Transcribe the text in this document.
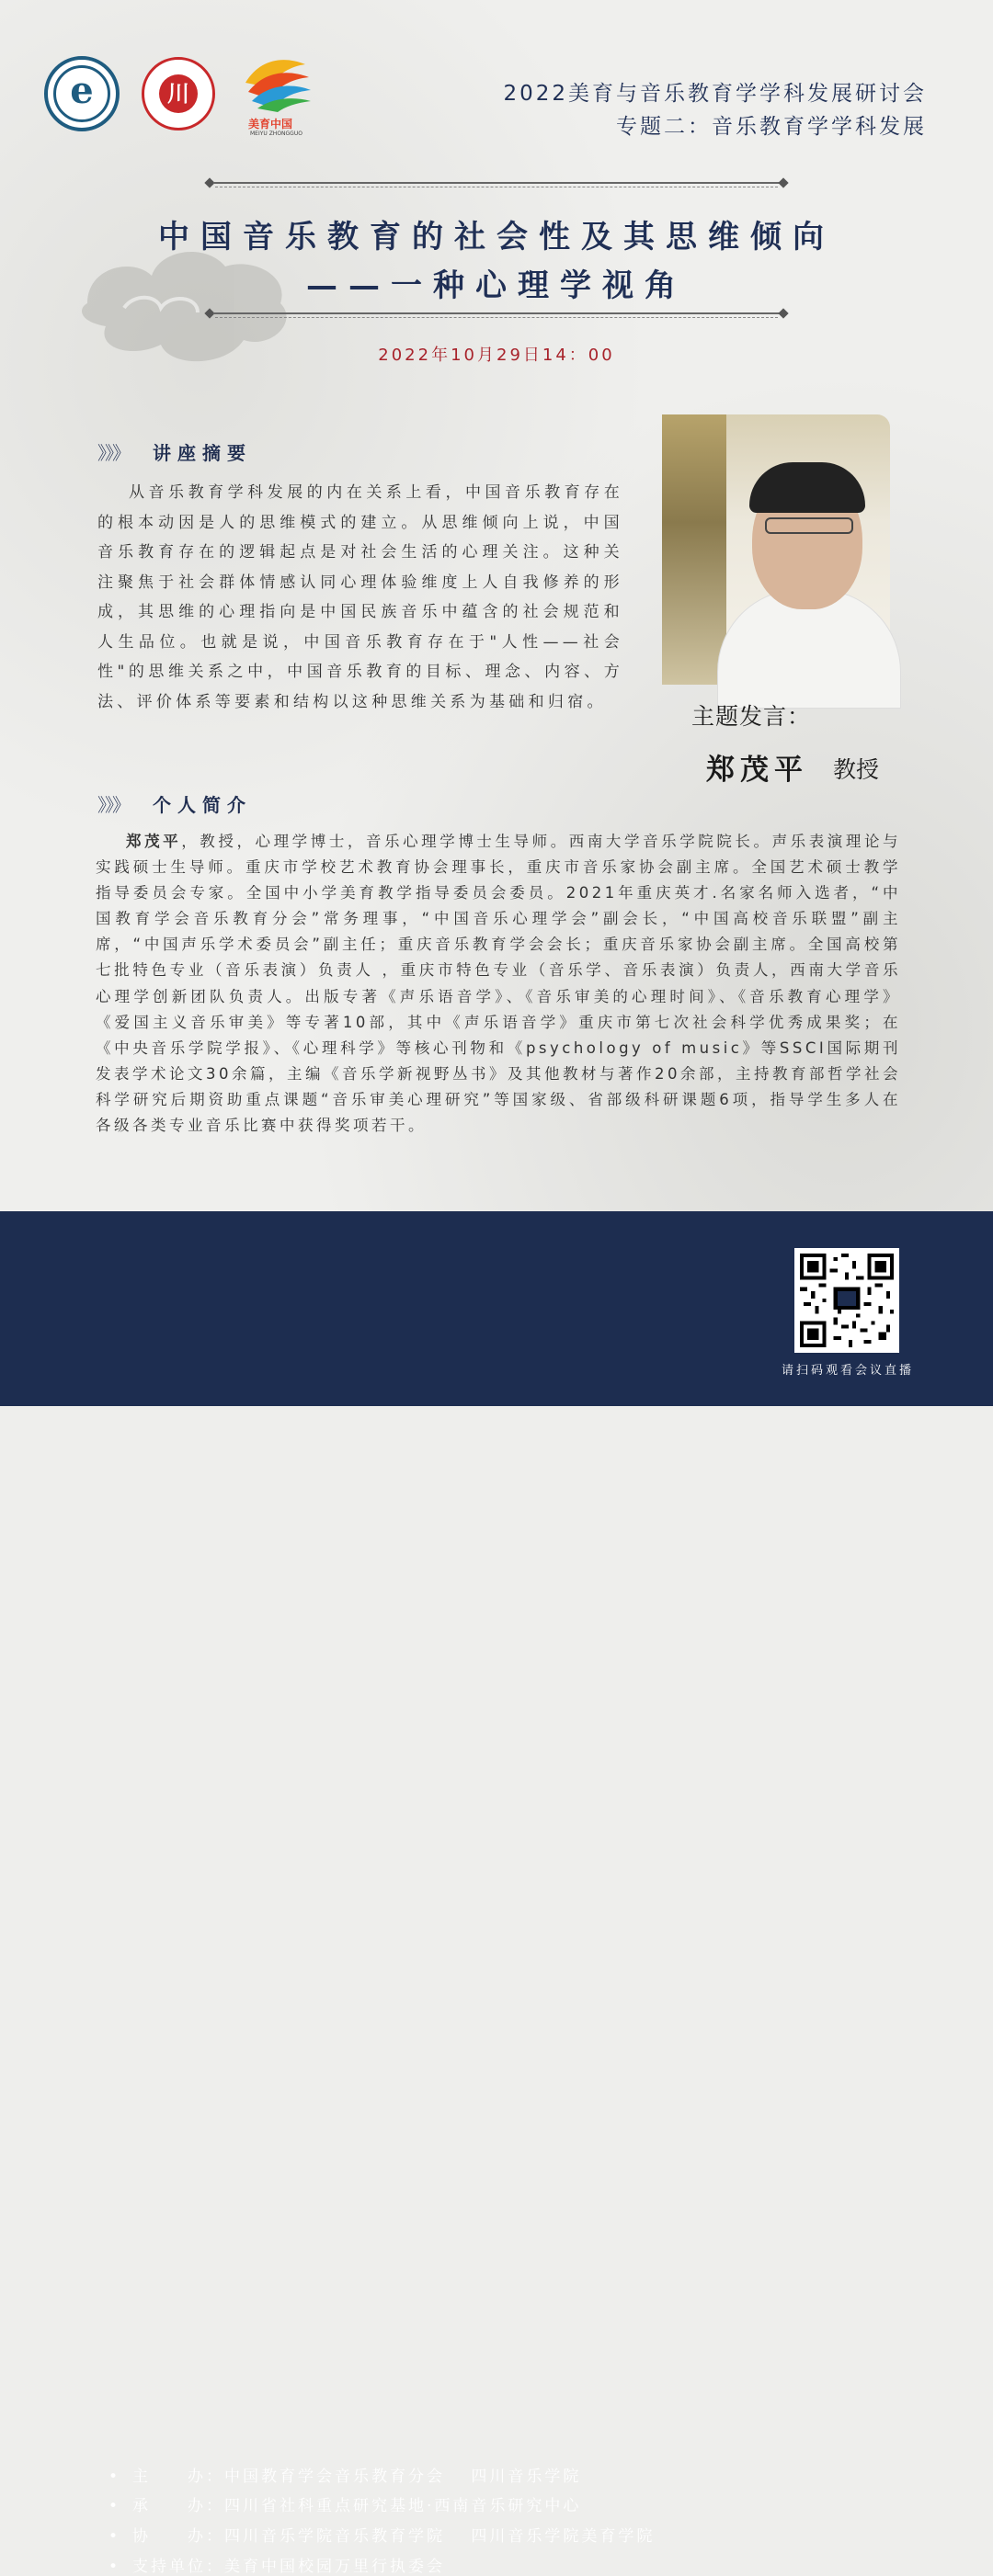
e	川
美育中国
MEIYU ZHONGGUO
2022美育与音乐教育学学科发展研讨会
专题二：音乐教育学学科发展
中国音乐教育的社会性及其思维倾向
——一种心理学视角
2022年10月29日14：00
》》》 讲座摘要

从音乐教育学科发展的内在关系上看，中国音乐教育存在的根本动因是人的思维模式的建立。从思维倾向上说，中国音乐教育存在的逻辑起点是对社会生活的心理关注。这种关注聚焦于社会群体情感认同心理体验维度上人自我修养的形成，其思维的心理指向是中国民族音乐中蕴含的社会规范和人生品位。也就是说，中国音乐教育存在于"人性——社会性"的思维关系之中，中国音乐教育的目标、理念、内容、方法、评价体系等要素和结构以这种思维关系为基础和归宿。

主题发言：
郑茂平 教授
》》》 个人简介
郑茂平，教授，心理学博士，音乐心理学博士生导师。西南大学音乐学院院长。声乐表演理论与实践硕士生导师。重庆市学校艺术教育协会理事长，重庆市音乐家协会副主席。全国艺术硕士教学指导委员会专家。全国中小学美育教学指导委员会委员。2021年重庆英才.名家名师入选者，“中国教育学会音乐教育分会”常务理事，“中国音乐心理学会”副会长，“中国高校音乐联盟”副主席，“中国声乐学术委员会”副主任；重庆音乐教育学会会长；重庆音乐家协会副主席。全国高校第七批特色专业（音乐表演）负责人 ，重庆市特色专业（音乐学、音乐表演）负责人，西南大学音乐心理学创新团队负责人。出版专著《声乐语音学》、《音乐审美的心理时间》、《音乐教育心理学》《爱国主义音乐审美》等专著10部，其中《声乐语音学》重庆市第七次社会科学优秀成果奖；在《中央音乐学院学报》、《心理科学》等核心刊物和《psychology of music》等SSCI国际期刊发表学术论文30余篇，主编《音乐学新视野丛书》及其他教材与著作20余部，主持教育部哲学社会科学研究后期资助重点课题“音乐审美心理研究”等国家级、省部级科研课题6项，指导学生多人在各级各类专业音乐比赛中获得奖项若干。
• 主　　办：中国教育学会音乐教育分会　 四川音乐学院
• 承　　办：四川省社科重点研究基地·西南音乐研究中心
• 协　　办：四川音乐学院音乐教育学院　 四川音乐学院美育学院
• 支持单位：美育中国校园万里行执委会
请扫码观看会议直播
